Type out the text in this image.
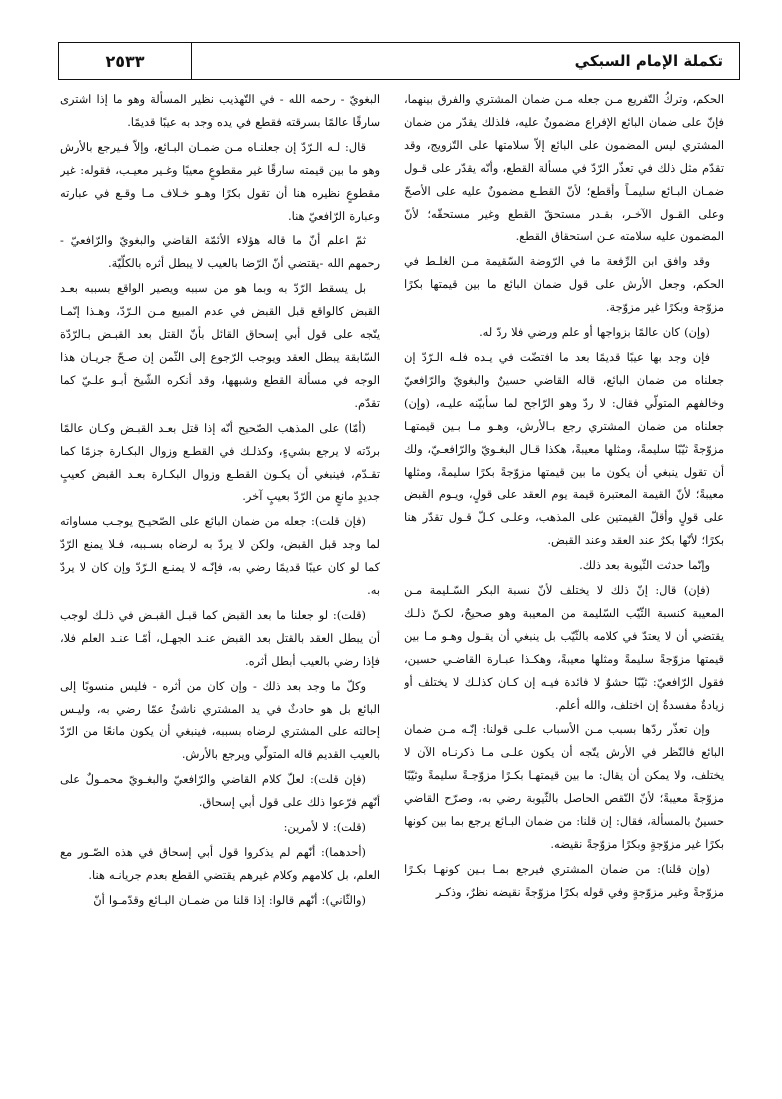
٢٥٣٣	تكملة الإمام السبكي

الحكم، وتركُ التّفريع مـن جعله مـن ضمان المشتري والفرق بينهما، فإنّ على ضمان البائع الإفراع مضمونٌ عليه، فلذلك يقدّر من ضمان المشتري ليس المضمون على البائع إلاّ سلامتها على التّزويج، وقد تقدّم مثل ذلك في تعذّر الرّدّ في مسألة القطع، وأنّه يقدّر على قـول ضمـان البـائع سليمـاً وأقطع؛ لأنّ القطـع مضمونٌ عليه على الأصحّ وعلى القـول الآخـر، بقـدر مستحقّ القطع وغير مستحقّه؛ لأنّ المضمون عليه سلامته عـن استحقاق القطع.

وقد وافق ابن الرِّفعة ما في الرّوضة السّقيمة مـن الغلـط في الحكم، وجعل الأرش على قول ضمان البائع ما بين قيمتها بكرًا مزوّجة وبكرًا غير مزوّجة.

(وإن) كان عالمًا بزواجها أو علم ورضي فلا ردّ له.

فإن وجد بها عيبًا قديمًا بعد ما افتضّت في يـده فلـه الـرّدّ إن جعلناه من ضمان البائع، قاله القاضي حسينٌ والبغويّ والرّافعيّ وخالفهم المتولّي فقال: لا ردّ وهو الرّاجح لما سأبيّنه عليـه، (وإن) جعلناه من ضمان المشتري رجع بـالأرش، وهـو مـا بـين قيمتهـا مزوّجةً ثيّبًا سليمةً، ومثلها معيبةً، هكذا قـال البغـويّ والرّافعـيّ، ولك أن تقول ينبغي أن يكون ما بين قيمتها مزوّجةً بكرًا سليمةً، ومثلها معيبةً؛ لأنّ القيمة المعتبرة قيمة يوم العقد على قولٍ، ويـوم القبض على قولٍ وأقلّ القيمتين على المذهب، وعلـى كـلّ قـول تقدّر هنا بكرًا؛ لأنّها بكرٌ عند العقد وعند القبض.

وإنّما حدثت الثّيوبة بعد ذلك.

(فإن) قال: إنّ ذلك لا يختلف لأنّ نسبة البكر السّـليمة مـن المعيبة كنسبة الثّيّب السّليمة من المعيبة وهو صحيحٌ، لكـنّ ذلـك يقتضي أن لا يعتدّ في كلامه بالثّيّب بل ينبغي أن يقـول وهـو مـا بين قيمتها مزوّجةً سليمةً ومثلها معيبةً، وهكـذا عبـارة القاضـي حسين، فقول الرّافعيّ: ثيّبًا حشوٌ لا فائدة فيـه إن كـان كذلـك لا يختلف أو زيادةٌ مفسدةٌ إن اختلف، والله أعلم.

وإن تعذّر ردّها بسبب مـن الأسباب علـى قولنا: إنّـه مـن ضمان البائع فالنّظر في الأرش يتّجه أن يكون علـى مـا ذكرنـاه الآن لا يختلف، ولا يمكن أن يقال: ما بين قيمتهـا بكـرًا مزوّجـةً سليمةً وثيّبًا مزوّجةً معيبةً؛ لأنّ النّقص الحاصل بالثّيوبة رضي به، وصرّح القاضي حسينٌ بالمسألة، فقال: إن قلنا: من ضمان البـائع يرجع بما بين كونها بكرًا غير مزوّجةٍ وبكرًا مزوّجةً نقيضه.

(وإن قلنا): من ضمان المشتري فيرجع بمـا بـين كونهـا بكـرًا مزوّجةً وغير مزوّجةٍ وفي قوله بكرًا مزوّجةً نقيضه نظرٌ، وذكـر

البغويّ - رحمه الله - في التّهذيب نظير المسألة وهو ما إذا اشترى سارقًا عالمًا بسرقته فقطع في يده وجد به عيبًا قديمًا.

قال: لـه الـرّدّ إن جعلنـاه مـن ضمـان البـائع، وإلاّ فـيرجع بالأرش وهو ما بين قيمته سارقًا غير مقطوعٍ معيبًا وغـير معيـب، فقوله: غير مقطوعٍ نظيره هنا أن تقول بكرًا وهـو خـلاف مـا وقـع في عبارته وعبارة الرّافعيّ هنا.

ثمّ اعلم أنّ ما قاله هؤلاء الأئمّة القاضي والبغويّ والرّافعيّ - رحمهم الله -يقتضي أنّ الرّضا بالعيب لا يبطل أثره بالكلّيّة.

بل يسقط الرّدّ به وبما هو من سببه ويصير الواقع بسببه بعـد القبض كالواقع قبل القبض في عدم المبيع مـن الـرّدّ، وهـذا إنّمـا يتّجه على قول أبي إسحاق القائل بأنّ القتل بعد القبـض بـالرّدّة السّابقة يبطل العقد ويوجب الرّجوع إلى الثّمن إن صـحّ جريـان هذا الوجه في مسألة القطع وشبهها، وقد أنكره الشّيخ أبـو علـيّ كما تقدّم.

(أمّا) على المذهب الصّحيح أنّه إذا قتل بعـد القبـض وكـان عالمًا بردّته لا يرجع بشيءٍ، وكذلـك في القطـع وزوال البكـارة جزمًا كما تقـدّم، فينبغي أن يكـون القطـع وزوال البكـارة بعـد القبض كعيبٍ جديدٍ مانعٍ من الرّدّ بعيبٍ آخر.

(فإن قلت): جعله من ضمان البائع على الصّحيـح يوجـب مساواته لما وجد قبل القبض، ولكن لا يردّ به لرضاه بسـببه، فـلا يمنع الرّدّ كما لو كان عيبًا قديمًا رضي به، فإنّـه لا يمنـع الـرّدّ وإن كان لا يردّ به.

(قلت): لو جعلنا ما بعد القبض كما قبـل القبـض في ذلـك لوجب أن يبطل العقد بالقتل بعد القبض عنـد الجهـل، أمّـا عنـد العلم فلا، فإذا رضي بالعيب أبطل أثره.

وكلّ ما وجد بعد ذلك - وإن كان من أثره - فليس منسوبًا إلى البائع بل هو حادثٌ في يد المشتري ناشئٌ عمّا رضي به، وليـس إحالته على المشتري لرضاه بسببه، فينبغي أن يكون مانعًا من الرّدّ بالعيب القديم قاله المتولّي ويرجع بالأرش.

(فإن قلت): لعلّ كلام القاضي والرّافعيّ والبغـويّ محمـولٌ على أنّهم فرّعوا ذلك على قول أبي إسحاق.

(قلت): لا لأمرين:

(أحدهما): أنّهم لم يذكروا قول أبي إسحاق في هذه الصّـور مع العلم، بل كلامهم وكلام غيرهم يقتضي القطع بعدم جريانـه هنا.

(والثّاني): أنّهم قالوا: إذا قلنا من ضمـان البـائع وقدّمـوا أنّ
